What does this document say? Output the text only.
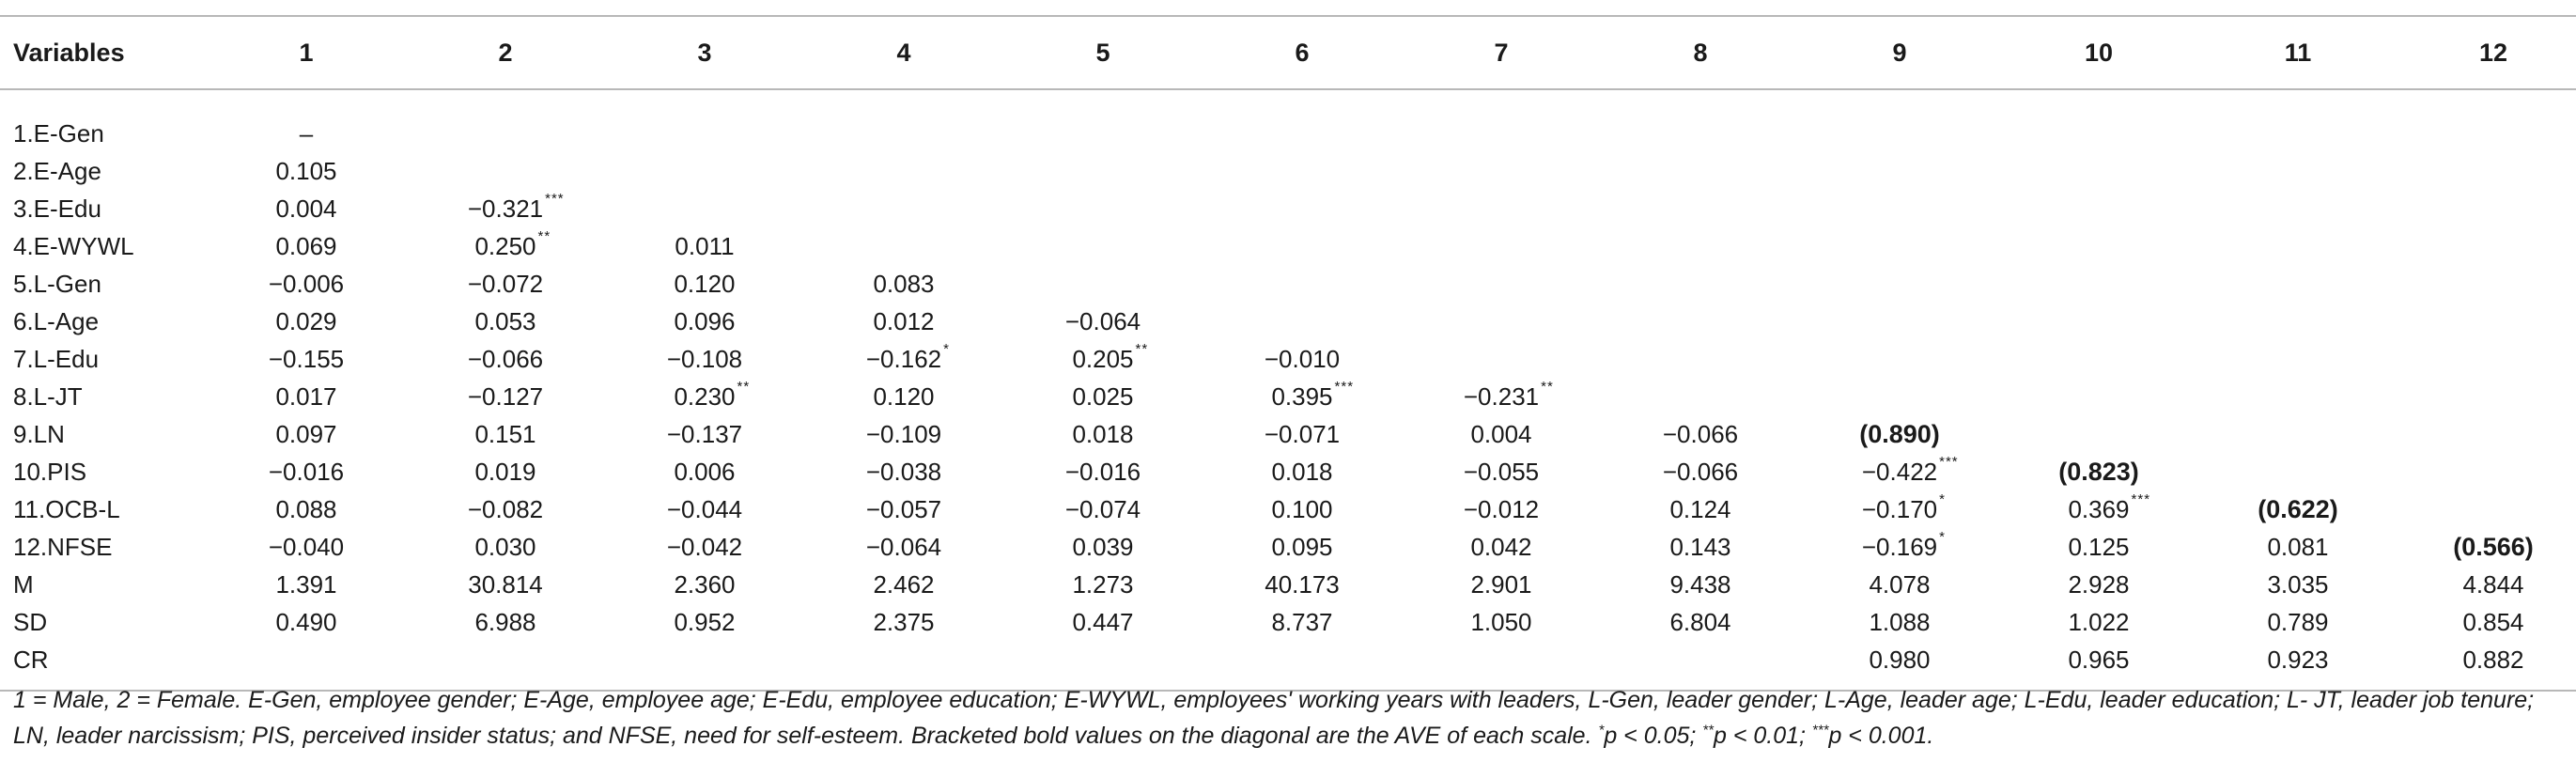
Variables	1	2	3	4	5	6	7	8	9	10	11	12
1.E-Gen	–											
2.E-Age	0.105											
3.E-Edu	0.004	−0.321 ***										

4.E-WYWL	0.069	0.250 **	0.011									
5.L-Gen	−0.006	−0.072	0.120	0.083								
6.L-Age	0.029	0.053	0.096	0.012	−0.064							
7.L-Edu	−0.155	−0.066	−0.108	−0.162 *	0.205 **	−0.010						
8.L-JT	0.017	−0.127	0.230 **	0.120	0.025	0.395 ***	−0.231 **					

9.LN	0.097	0.151	−0.137	−0.109	0.018	−0.071	0.004	−0.066	(0.890)			
10.PIS	−0.016	0.019	0.006	−0.038	−0.016	0.018	−0.055	−0.066	−0.422 ***	(0.823)		
11.OCB-L	0.088	−0.082	−0.044	−0.057	−0.074	0.100	−0.012	0.124	−0.170 *	0.369 ***	(0.622)	
12.NFSE	−0.040	0.030	−0.042	−0.064	0.039	0.095	0.042	0.143	−0.169 *	0.125	0.081	(0.566)
M	1.391	30.814	2.360	2.462	1.273	40.173	2.901	9.438	4.078	2.928	3.035	4.844
SD	0.490	6.988	0.952	2.375	0.447	8.737	1.050	6.804	1.088	1.022	0.789	0.854
CR									0.980	0.965	0.923	0.882
1 = Male, 2 = Female. E-Gen, employee gender; E-Age, employee age; E-Edu, employee education; E-WYWL, employees' working years with leaders, L-Gen, leader gender; L-Age, leader age; L-Edu, leader education; L- JT, leader job tenure; LN, leader narcissism; PIS, perceived insider status; and NFSE, need for self-esteem. Bracketed bold values on the diagonal are the AVE of each scale. *p < 0.05; **p < 0.01; ***p < 0.001.
